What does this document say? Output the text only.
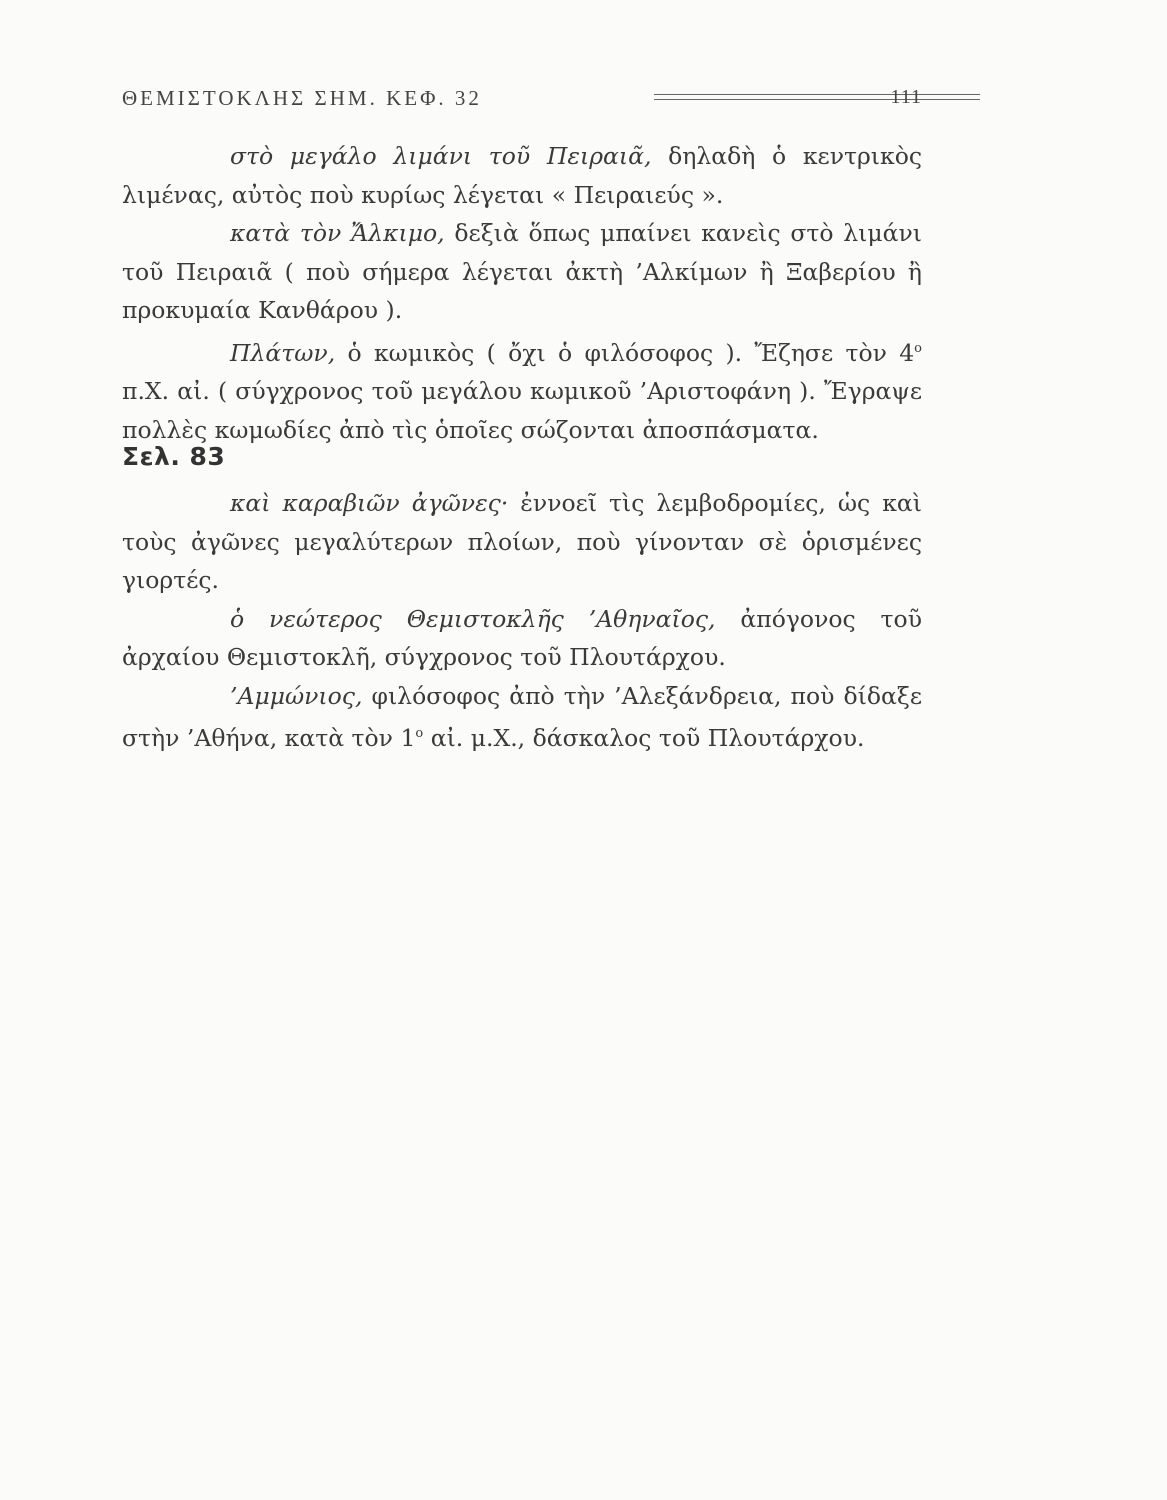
ΘΕΜΙΣΤΟΚΛΗΣ ΣΗΜ. ΚΕΦ. 32	111

στὸ μεγάλο λιμάνι τοῦ Πειραιᾶ, δηλαδὴ ὁ κεντρικὸς λιμένας, αὐτὸς ποὺ κυρίως λέγεται « Πειραιεύς ».

κατὰ τὸν Ἄλκιμο, δεξιὰ ὅπως μπαίνει κανεὶς στὸ λιμάνι τοῦ Πειραιᾶ ( ποὺ σήμερα λέγεται ἀκτὴ ’Αλκίμων ἢ Ξαβερίου ἢ προκυμαία Κανθάρου ).

Πλάτων, ὁ κωμικὸς ( ὄχι ὁ φιλόσοφος ). Ἔζησε τὸν $4^o$ π.Χ. αἰ. ( σύγχρονος τοῦ μεγάλου κωμικοῦ ’Αριστοφάνη ). Ἔγραψε πολλὲς κωμωδίες ἀπὸ τὶς ὁποῖες σώζονται ἀποσπάσματα.

Σελ. 83

καὶ καραβιῶν ἀγῶνες· ἐννοεῖ τὶς λεμβοδρομίες, ὡς καὶ τοὺς ἀγῶνες μεγαλύτερων πλοίων, ποὺ γίνονταν σὲ ὁρισμένες γιορτές.

ὁ νεώτερος Θεμιστοκλῆς ’Αθηναῖος, ἀπόγονος τοῦ ἀρχαίου Θεμιστοκλῆ, σύγχρονος τοῦ Πλουτάρχου.

’Αμμώνιος, φιλόσοφος ἀπὸ τὴν ’Αλεξάνδρεια, ποὺ δίδαξε στὴν ’Αθήνα, κατὰ τὸν $1^o$ αἰ. μ.Χ., δάσκαλος τοῦ Πλουτάρχου.
